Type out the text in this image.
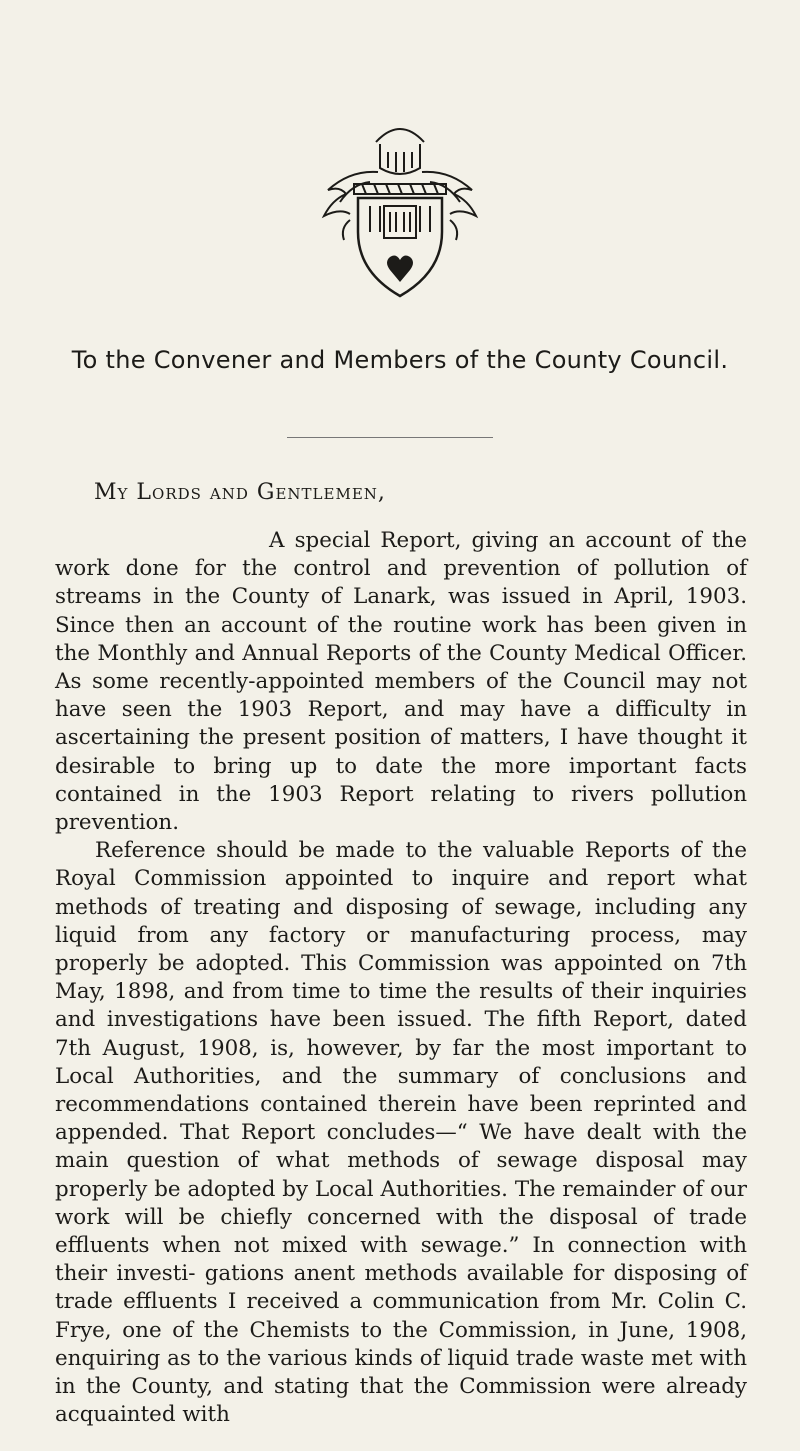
To the Convener and Members of the County Council.
My Lords and Gentlemen,

A special Report, giving an account of the work done for the control and prevention of pollution of streams in the County of Lanark, was issued in April, 1903. Since then an account of the routine work has been given in the Monthly and Annual Reports of the County Medical Officer. As some recently-appointed members of the Council may not have seen the 1903 Report, and may have a difficulty in ascertaining the present position of matters, I have thought it desirable to bring up to date the more important facts contained in the 1903 Report relating to rivers pollution prevention.

Reference should be made to the valuable Reports of the Royal Commission appointed to inquire and report what methods of treating and disposing of sewage, including any liquid from any factory or manufacturing process, may properly be adopted. This Commission was appointed on 7th May, 1898, and from time to time the results of their inquiries and investigations have been issued. The fifth Report, dated 7th August, 1908, is, however, by far the most important to Local Authorities, and the summary of conclusions and recommendations contained therein have been reprinted and appended. That Report concludes—“ We have dealt with the main question of what methods of sewage disposal may properly be adopted by Local Authorities. The remainder of our work will be chiefly concerned with the disposal of trade effluents when not mixed with sewage.” In connection with their investi- gations anent methods available for disposing of trade effluents I received a communication from Mr. Colin C. Frye, one of the Chemists to the Commission, in June, 1908, enquiring as to the various kinds of liquid trade waste met with in the County, and stating that the Commission were already acquainted with
